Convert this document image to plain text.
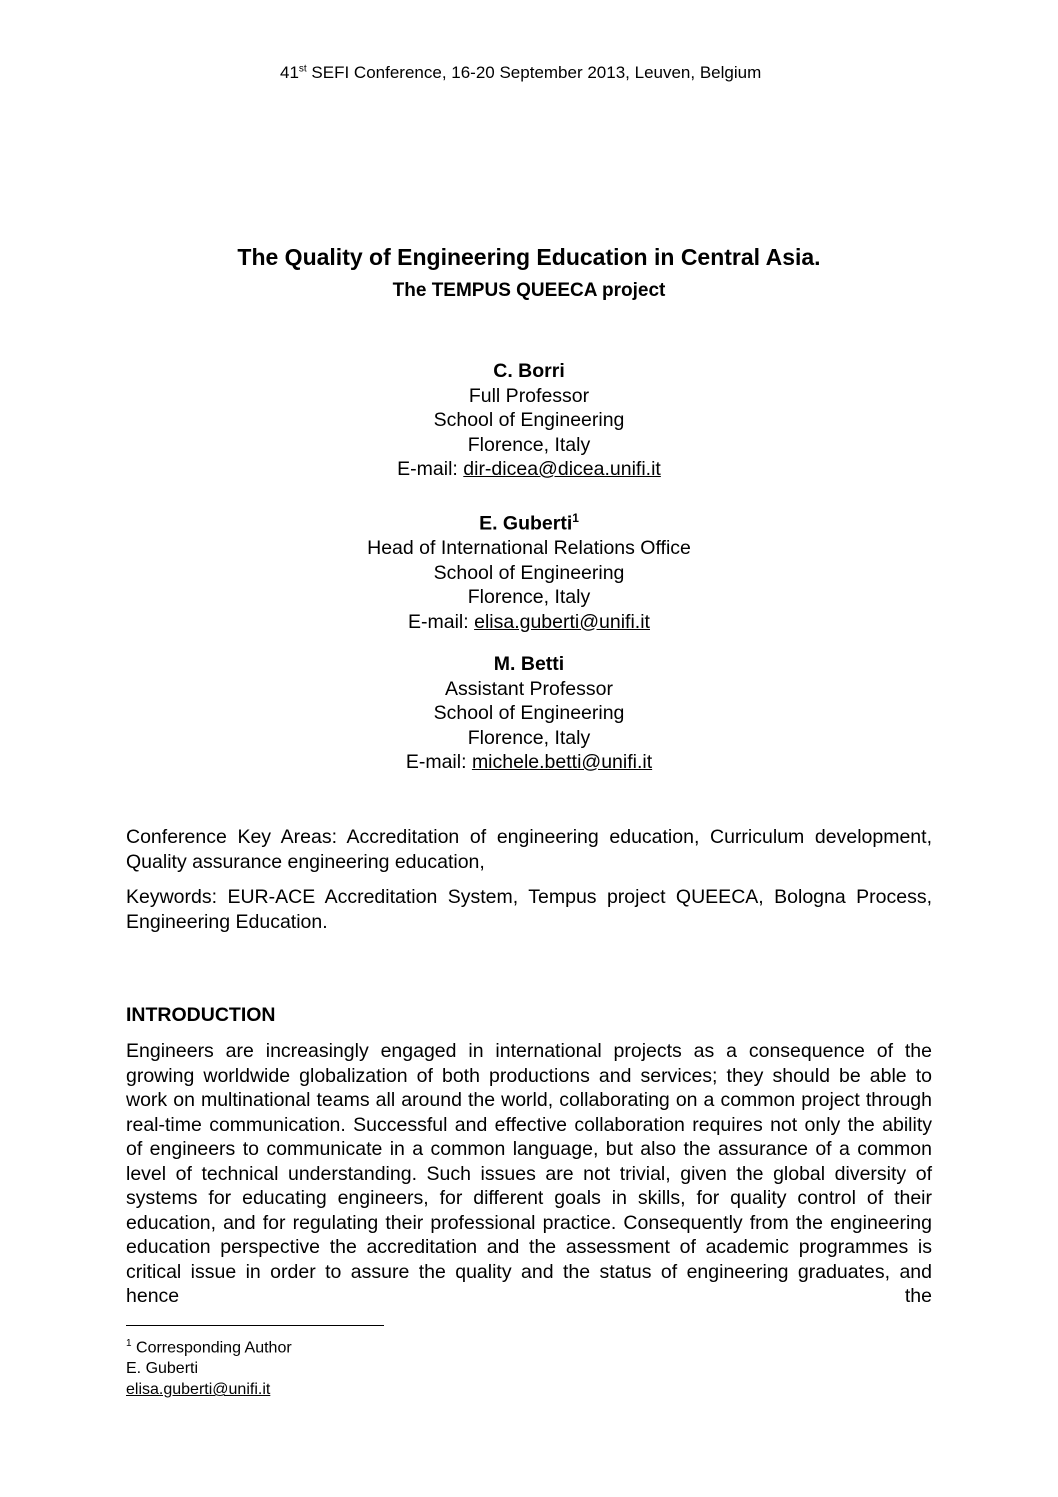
41st SEFI Conference, 16-20 September 2013, Leuven, Belgium
The Quality of Engineering Education in Central Asia.
The TEMPUS QUEECA project
C. Borri
Full Professor
School of Engineering
Florence, Italy
E-mail: dir-dicea@dicea.unifi.it
E. Guberti$^1$
Head of International Relations Office
School of Engineering
Florence, Italy
E-mail: elisa.guberti@unifi.it
M. Betti
Assistant Professor
School of Engineering
Florence, Italy
E-mail: michele.betti@unifi.it
Conference Key Areas: Accreditation of engineering education, Curriculum development, Quality assurance engineering education,
Keywords: EUR-ACE Accreditation System, Tempus project QUEECA, Bologna Process, Engineering Education.
INTRODUCTION
Engineers are increasingly engaged in international projects as a consequence of the growing worldwide globalization of both productions and services; they should be able to work on multinational teams all around the world, collaborating on a common project through real-time communication. Successful and effective collaboration requires not only the ability of engineers to communicate in a common language, but also the assurance of a common level of technical understanding. Such issues are not trivial, given the global diversity of systems for educating engineers, for different goals in skills, for quality control of their education, and for regulating their professional practice. Consequently from the engineering education perspective the accreditation and the assessment of academic programmes is critical issue in order to assure the quality and the status of engineering graduates, and hence the
$^1$ Corresponding Author
E. Guberti
elisa.guberti@unifi.it
